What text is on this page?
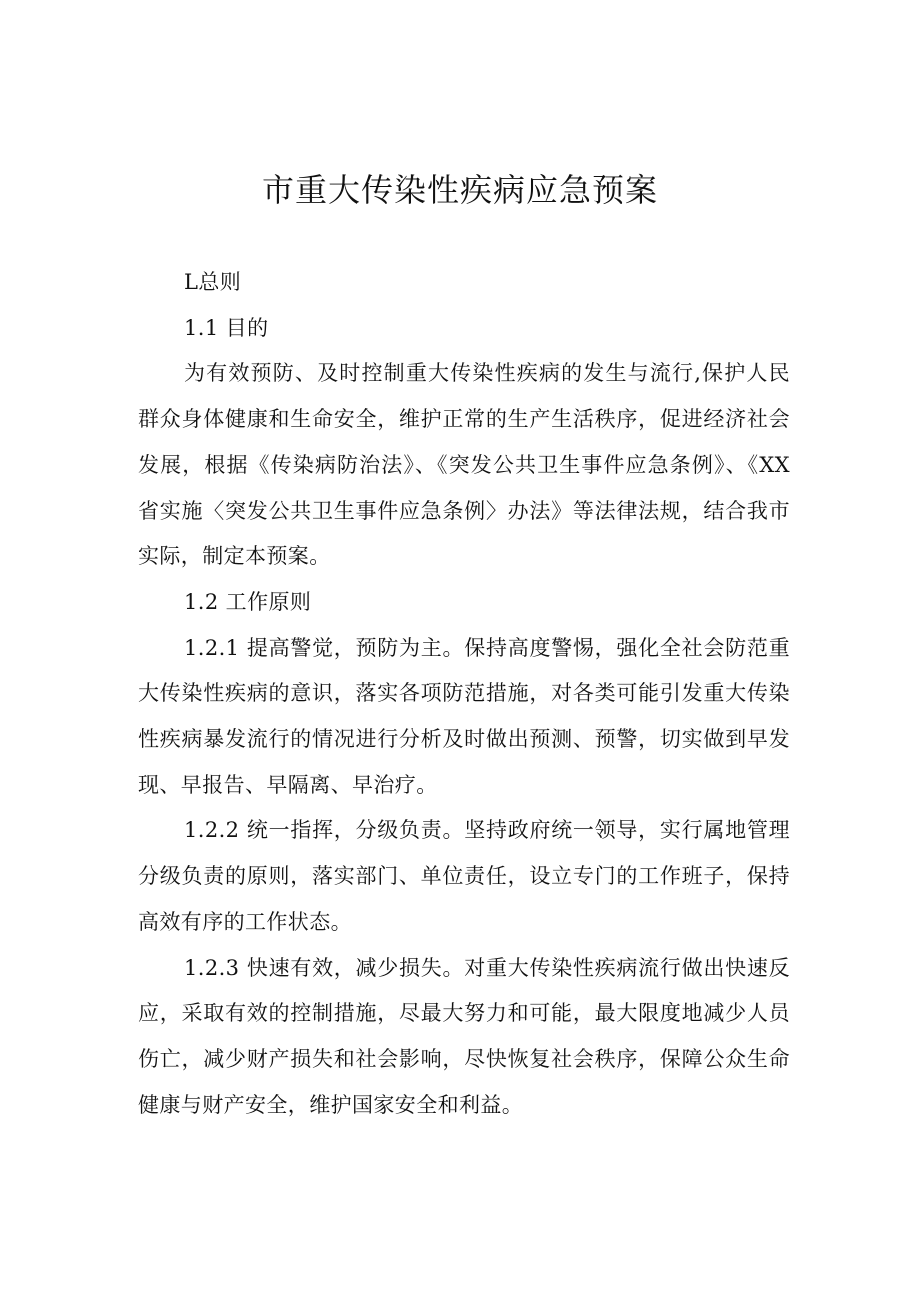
市重大传染性疾病应急预案

L总则

1.1 目的

为有效预防、及时控制重大传染性疾病的发生与流行,保护人民群众身体健康和生命安全，维护正常的生产生活秩序，促进经济社会发展，根据《传染病防治法》、《突发公共卫生事件应急条例》、《XX省实施〈突发公共卫生事件应急条例〉办法》等法律法规，结合我市实际，制定本预案。

1.2 工作原则

1.2.1 提高警觉，预防为主。保持高度警惕，强化全社会防范重大传染性疾病的意识，落实各项防范措施，对各类可能引发重大传染性疾病暴发流行的情况进行分析及时做出预测、预警，切实做到早发现、早报告、早隔离、早治疗。

1.2.2 统一指挥，分级负责。坚持政府统一领导，实行属地管理分级负责的原则，落实部门、单位责任，设立专门的工作班子，保持高效有序的工作状态。

1.2.3 快速有效，减少损失。对重大传染性疾病流行做出快速反应，采取有效的控制措施，尽最大努力和可能，最大限度地减少人员伤亡，减少财产损失和社会影响，尽快恢复社会秩序，保障公众生命健康与财产安全，维护国家安全和利益。
